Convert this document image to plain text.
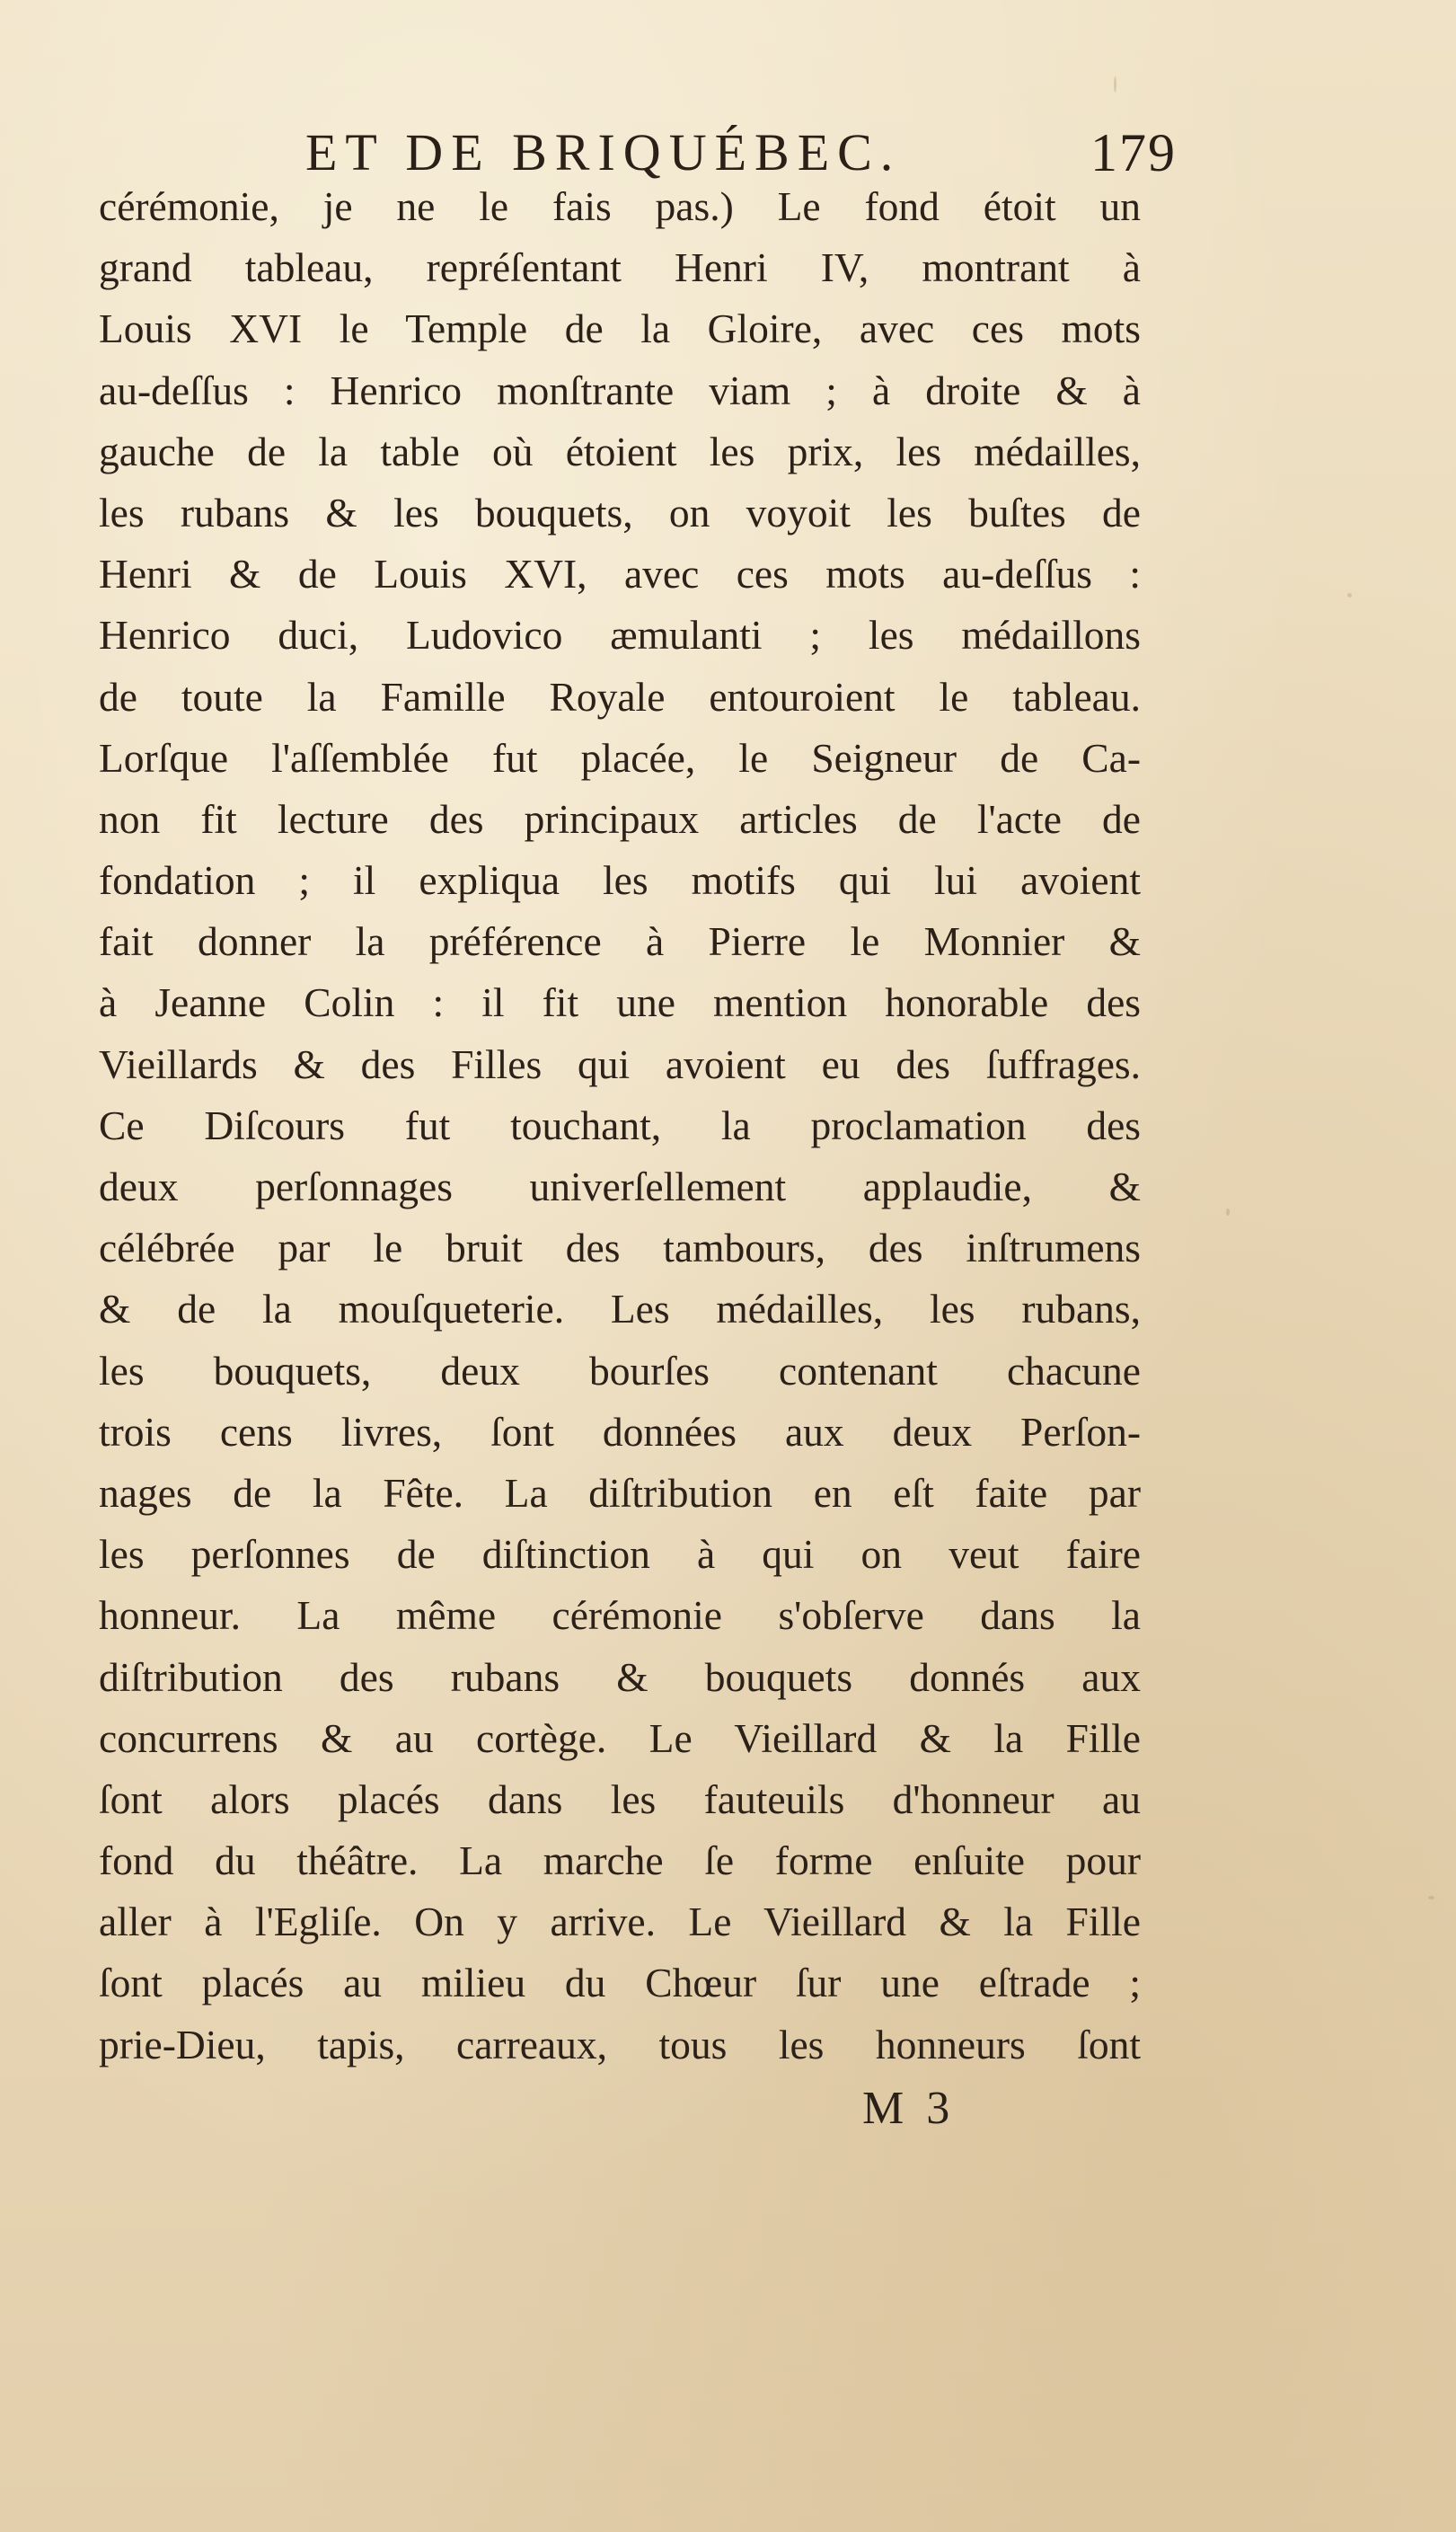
ET DE BRIQUÉBEC.	179
cérémonie, je ne le fais pas.) Le fond étoit un
grand tableau, repréſentant Henri IV, montrant à
Louis XVI le Temple de la Gloire, avec ces mots
au-deſſus : Henrico monſtrante viam ; à droite & à
gauche de la table où étoient les prix, les médailles,
les rubans & les bouquets, on voyoit les buſtes de
Henri & de Louis XVI, avec ces mots au-deſſus :
Henrico duci, Ludovico æmulanti ; les médaillons
de toute la Famille Royale entouroient le tableau.
Lorſque l'aſſemblée fut placée, le Seigneur de Ca-
non fit lecture des principaux articles de l'acte de
fondation ; il expliqua les motifs qui lui avoient
fait donner la préférence à Pierre le Monnier &
à Jeanne Colin : il fit une mention honorable des
Vieillards & des Filles qui avoient eu des ſuffrages.
Ce Diſcours fut touchant, la proclamation des
deux perſonnages univerſellement applaudie, &
célébrée par le bruit des tambours, des inſtrumens
& de la mouſqueterie. Les médailles, les rubans,
les bouquets, deux bourſes contenant chacune
trois cens livres, ſont données aux deux Perſon-
nages de la Fête. La diſtribution en eſt faite par
les perſonnes de diſtinction à qui on veut faire
honneur. La même cérémonie s'obſerve dans la
diſtribution des rubans & bouquets donnés aux
concurrens & au cortège. Le Vieillard & la Fille
ſont alors placés dans les fauteuils d'honneur au
fond du théâtre. La marche ſe forme enſuite pour
aller à l'Egliſe. On y arrive. Le Vieillard & la Fille
ſont placés au milieu du Chœur ſur une eſtrade ;
prie-Dieu, tapis, carreaux, tous les honneurs ſont
M 3
